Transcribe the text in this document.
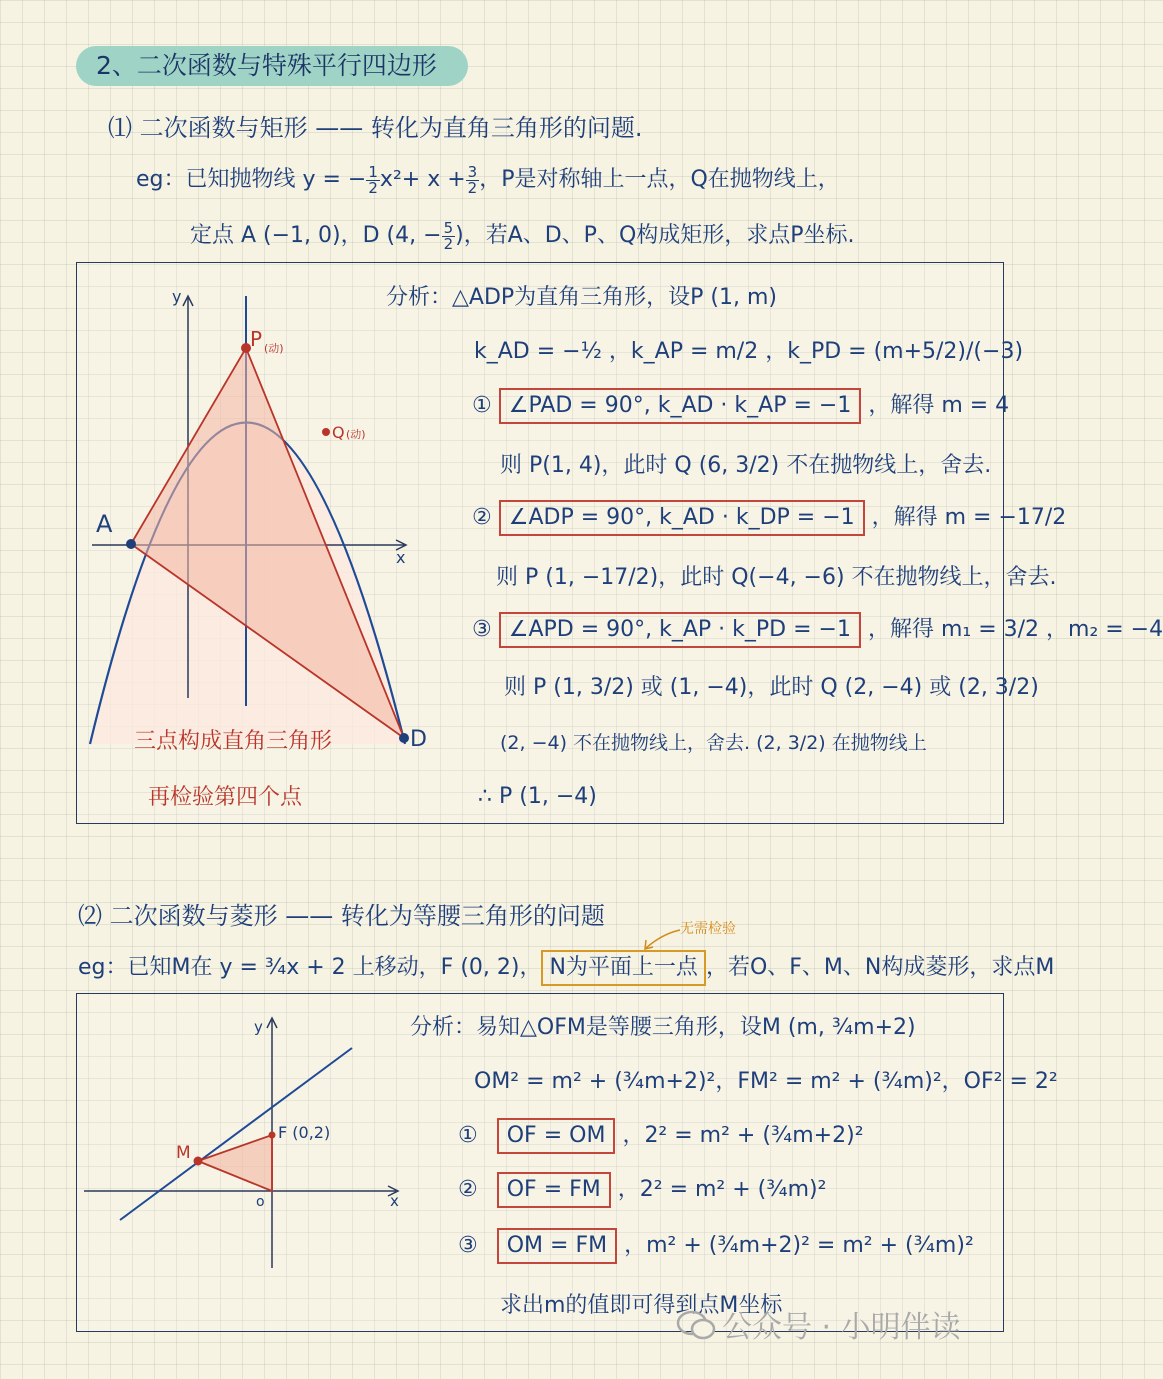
2、二次函数与特殊平行四边形
⑴ 二次函数与矩形 —— 转化为直角三角形的问题.
eg：已知抛物线 y = − $\frac{1}{2} x^2+ x + \frac{3}{2}$ ，P是对称轴上一点，Q在抛物线上，
定点 A (−1, 0)，D (4, − $\frac{5}{2}$ )，若A、D、P、Q构成矩形，求点P坐标.
y
x
A
D
P (动)
Q (动)
三点构成直角三角形
再检验第四个点
分析：△ADP为直角三角形，设P (1, m)
k_AD = −½ ，k_AP = m/2 ，k_PD = (m+5/2)/(−3)
① ∠PAD = 90°, k_AD · k_AP = −1 ，解得 m = 4
则 P(1, 4)，此时 Q (6, 3/2) 不在抛物线上，舍去.
② ∠ADP = 90°, k_AD · k_DP = −1 ，解得 m = −17/2
则 P (1, −17/2)，此时 Q(−4, −6) 不在抛物线上，舍去.
③ ∠APD = 90°, k_AP · k_PD = −1 ，解得 m₁ = 3/2 ，m₂ = −4
则 P (1, 3/2) 或 (1, −4)，此时 Q (2, −4) 或 (2, 3/2)
(2, −4) 不在抛物线上，舍去. (2, 3/2) 在抛物线上
∴ P (1, −4)
⑵ 二次函数与菱形 —— 转化为等腰三角形的问题	无需检验
eg：已知M在 y = ¾x + 2 上移动，F (0, 2)， N为平面上一点 ，若O、F、M、N构成菱形，求点M
y
x
M
F (0,2)
o
分析：易知△OFM是等腰三角形，设M (m, ¾m+2)
OM² = m² + (¾m+2)²，FM² = m² + (¾m)²，OF² = 2²
① OF = OM ，2² = m² + (¾m+2)²
② OF = FM ，2² = m² + (¾m)²
③ OM = FM ，m² + (¾m+2)² = m² + (¾m)²
求出m的值即可得到点M坐标
公众号 · 小明伴读
